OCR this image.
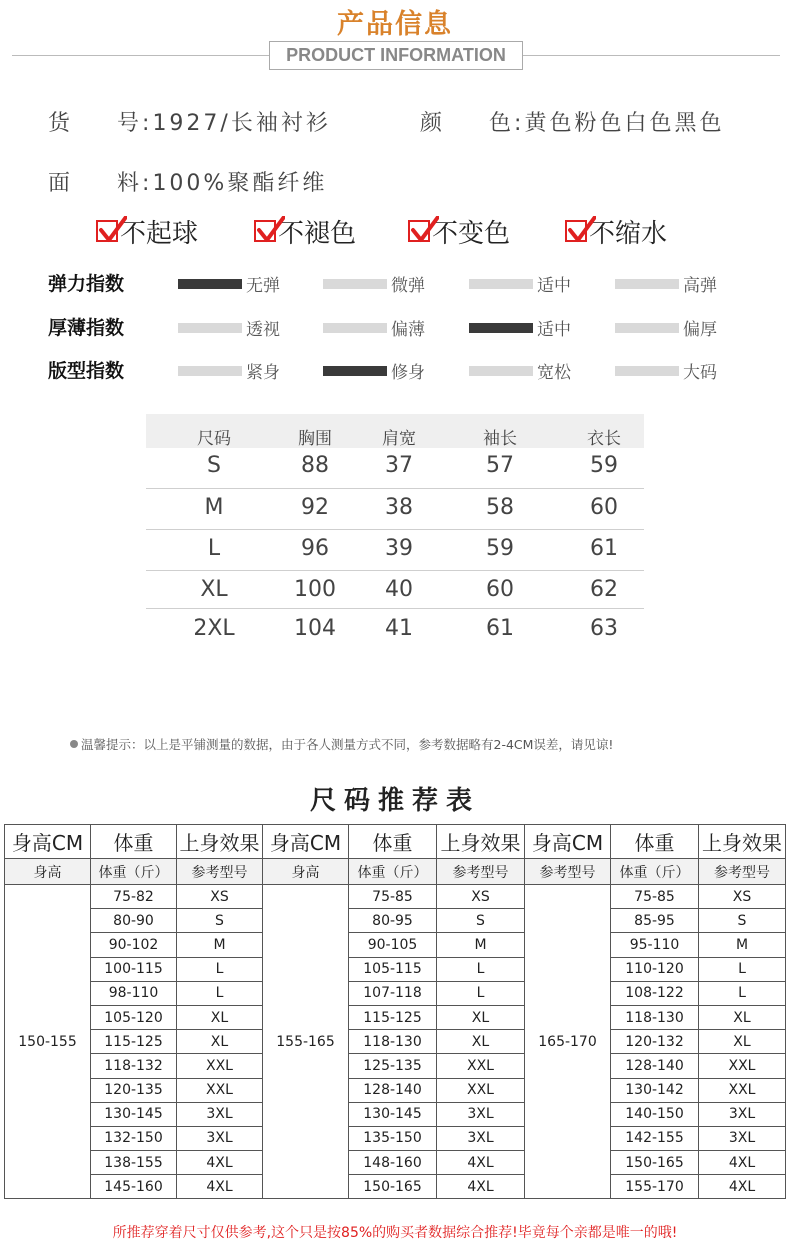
产品信息
PRODUCT INFORMATION
货 号:1927/长袖衬衫	颜 色:黄色粉色白色黑色
面 料:100%聚酯纤维
不起球	不褪色	不变色	不缩水
弹力指数	无弹	微弹	适中	高弹
厚薄指数	透视	偏薄	适中	偏厚
版型指数	紧身	修身	宽松	大码
尺码	胸围	肩宽	袖长	衣长
S	88	37	57	59
M	92	38	58	60
L	96	39	59	61
XL	100	40	60	62
2XL	104	41	61	63
温馨提示：以上是平铺测量的数据，由于各人测量方式不同，参考数据略有2-4CM误差，请见谅!
尺码推荐表
身高CM	体重	上身效果	身高CM	体重	上身效果	身高CM	体重	上身效果
身高	体重（斤）	参考型号	身高	体重（斤）	参考型号	参考型号	体重（斤）	参考型号
150-155	75-82	XS	155-165	75-85	XS	165-170	75-85	XS
	80-90	S		80-95	S		85-95	S
	90-102	M		90-105	M		95-110	M
	100-115	L		105-115	L		110-120	L
	98-110	L		107-118	L		108-122	L
	105-120	XL		115-125	XL		118-130	XL
	115-125	XL		118-130	XL		120-132	XL
	118-132	XXL		125-135	XXL		128-140	XXL
	120-135	XXL		128-140	XXL		130-142	XXL
	130-145	3XL		130-145	3XL		140-150	3XL
	132-150	3XL		135-150	3XL		142-155	3XL
	138-155	4XL		148-160	4XL		150-165	4XL
	145-160	4XL		150-165	4XL		155-170	4XL
所推荐穿着尺寸仅供参考,这个只是按85%的购买者数据综合推荐!毕竟每个亲都是唯一的哦!
